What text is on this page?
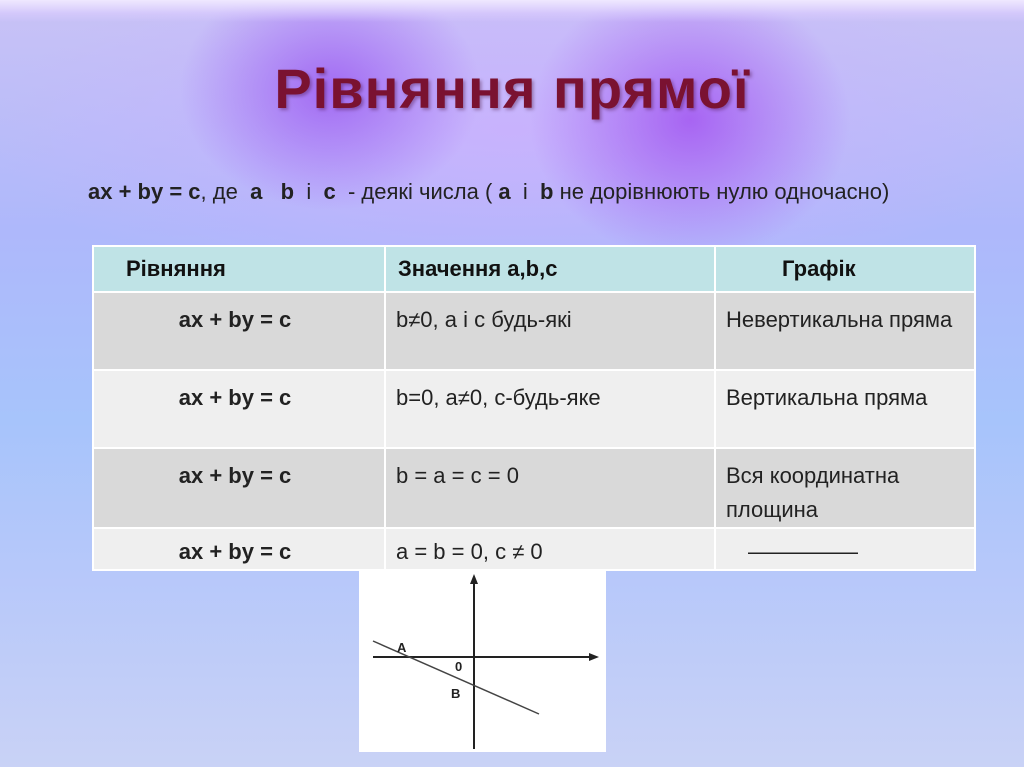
Рівняння прямої
ax + by = c, де a b і c - деякі числа ( a і b не дорівнюють нулю одночасно)
Рівняння	Значення a,b,c	Графік
ax + by = c	b≠0, a і c будь-які	Невертикальна пряма
ax + by = c	b=0, a≠0, c-будь-яке	Вертикальна пряма
ax + by = c	b = a = c = 0	Вся координатна площина
ax + by = c	a = b = 0, c ≠ 0	—————
A
0
B
